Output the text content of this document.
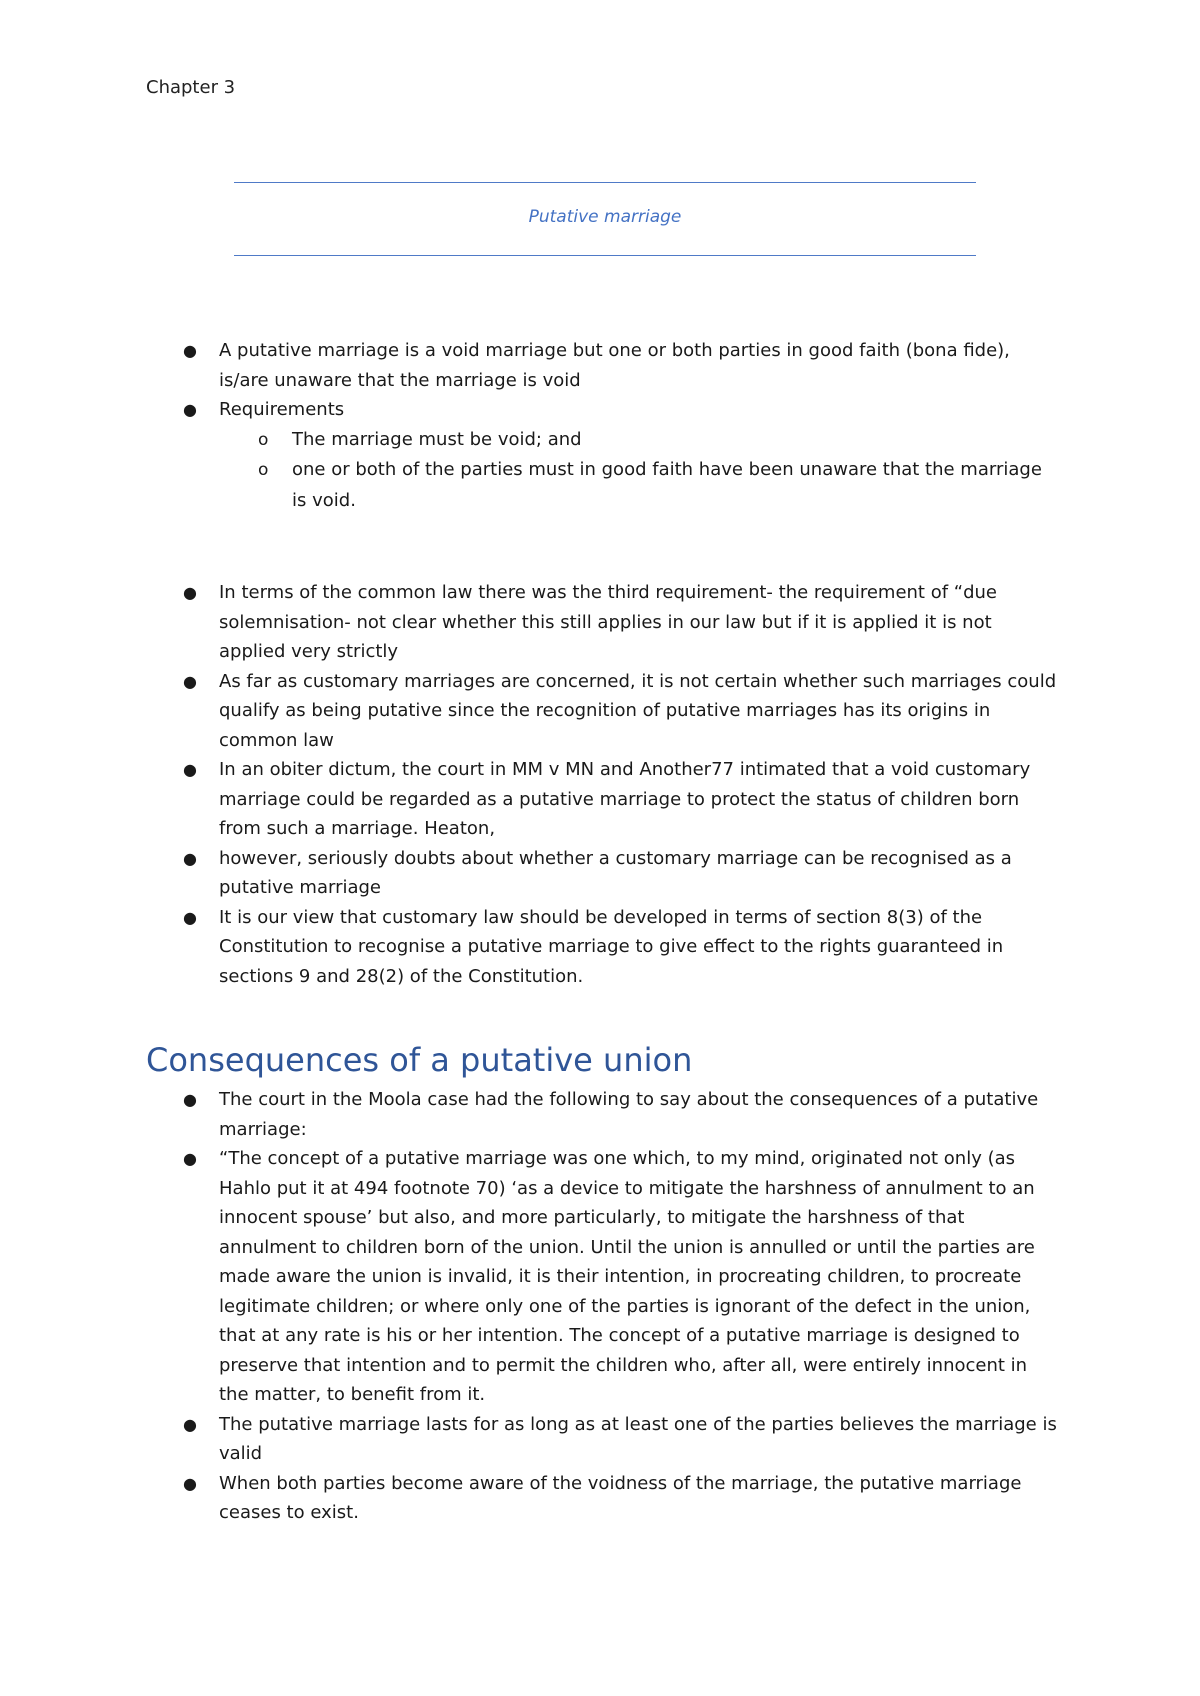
Chapter 3
Putative marriage
● A putative marriage is a void marriage but one or both parties in good faith (bona fide), is/are unaware that the marriage is void
● Requirements
o The marriage must be void; and
o one or both of the parties must in good faith have been unaware that the marriage is void.
● In terms of the common law there was the third requirement- the requirement of “due solemnisation- not clear whether this still applies in our law but if it is applied it is not applied very strictly
● As far as customary marriages are concerned, it is not certain whether such marriages could qualify as being putative since the recognition of putative marriages has its origins in common law
● In an obiter dictum, the court in MM v MN and Another77 intimated that a void customary marriage could be regarded as a putative marriage to protect the status of children born from such a marriage. Heaton,
● however, seriously doubts about whether a customary marriage can be recognised as a putative marriage
● It is our view that customary law should be developed in terms of section 8(3) of the Constitution to recognise a putative marriage to give effect to the rights guaranteed in sections 9 and 28(2) of the Constitution.
Consequences of a putative union
● The court in the Moola case had the following to say about the consequences of a putative marriage:
● “The concept of a putative marriage was one which, to my mind, originated not only (as Hahlo put it at 494 footnote 70) ‘as a device to mitigate the harshness of annulment to an innocent spouse’ but also, and more particularly, to mitigate the harshness of that annulment to children born of the union. Until the union is annulled or until the parties are made aware the union is invalid, it is their intention, in procreating children, to procreate legitimate children; or where only one of the parties is ignorant of the defect in the union, that at any rate is his or her intention. The concept of a putative marriage is designed to preserve that intention and to permit the children who, after all, were entirely innocent in the matter, to benefit from it.
● The putative marriage lasts for as long as at least one of the parties believes the marriage is valid
● When both parties become aware of the voidness of the marriage, the putative marriage ceases to exist.
